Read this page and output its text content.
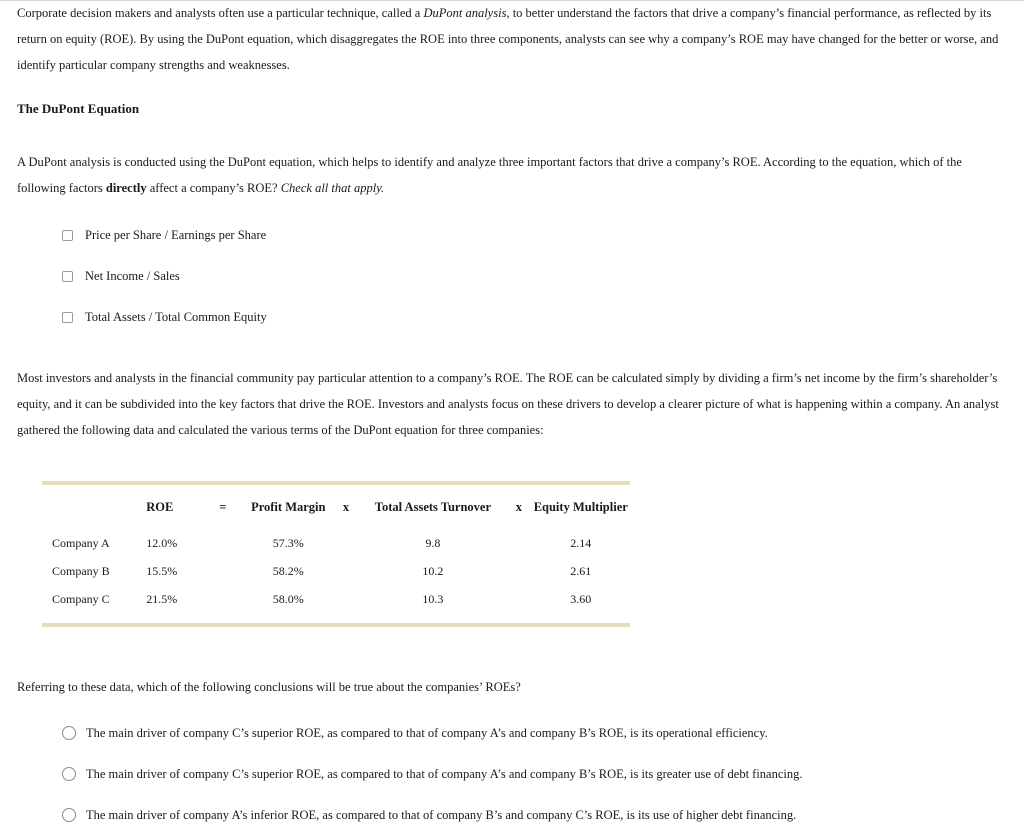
Corporate decision makers and analysts often use a particular technique, called a DuPont analysis, to better understand the factors that drive a company’s financial performance, as reflected by its return on equity (ROE). By using the DuPont equation, which disaggregates the ROE into three components, analysts can see why a company’s ROE may have changed for the better or worse, and identify particular company strengths and weaknesses.

The DuPont Equation

A DuPont analysis is conducted using the DuPont equation, which helps to identify and analyze three important factors that drive a company’s ROE. According to the equation, which of the following factors directly affect a company’s ROE? Check all that apply.

Price per Share / Earnings per Share
Net Income / Sales
Total Assets / Total Common Equity

Most investors and analysts in the financial community pay particular attention to a company’s ROE. The ROE can be calculated simply by dividing a firm’s net income by the firm’s shareholder’s equity, and it can be subdivided into the key factors that drive the ROE. Investors and analysts focus on these drivers to develop a clearer picture of what is happening within a company. An analyst gathered the following data and calculated the various terms of the DuPont equation for three companies:

	ROE	=	Profit Margin	x	Total Assets Turnover	x	Equity Multiplier
Company A	12.0%		57.3%		9.8		2.14
Company B	15.5%		58.2%		10.2		2.61
Company C	21.5%		58.0%		10.3		3.60
Referring to these data, which of the following conclusions will be true about the companies’ ROEs?
The main driver of company C’s superior ROE, as compared to that of company A’s and company B’s ROE, is its operational efficiency.
The main driver of company C’s superior ROE, as compared to that of company A’s and company B’s ROE, is its greater use of debt financing.
The main driver of company A’s inferior ROE, as compared to that of company B’s and company C’s ROE, is its use of higher debt financing.
